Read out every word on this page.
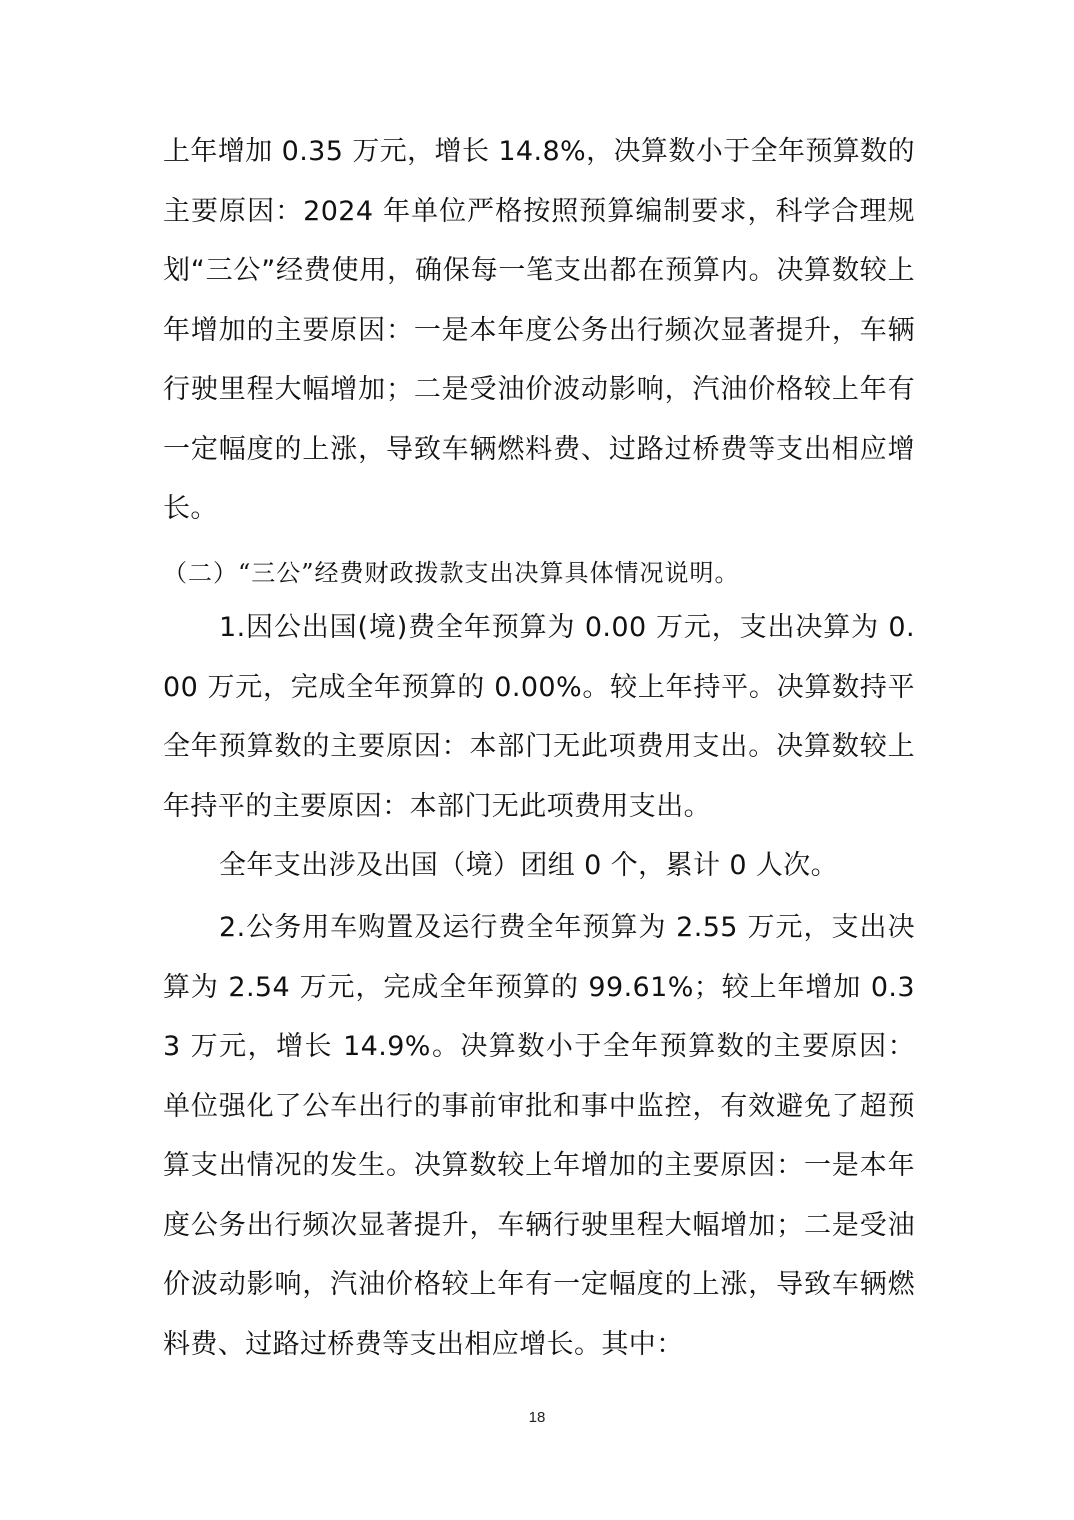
上年增加 0.35 万元，增长 14.8%，决算数小于全年预算数的主要原因：2024 年单位严格按照预算编制要求，科学合理规划“三公”经费使用，确保每一笔支出都在预算内。决算数较上年增加的主要原因：一是本年度公务出行频次显著提升，车辆行驶里程大幅增加；二是受油价波动影响，汽油价格较上年有一定幅度的上涨，导致车辆燃料费、过路过桥费等支出相应增长。

（二）“三公”经费财政拨款支出决算具体情况说明。

1.因公出国(境)费全年预算为 0.00 万元，支出决算为 0.00 万元，完成全年预算的 0.00%。较上年持平。决算数持平全年预算数的主要原因：本部门无此项费用支出。决算数较上年持平的主要原因：本部门无此项费用支出。

全年支出涉及出国（境）团组 0 个，累计 0 人次。

2.公务用车购置及运行费全年预算为 2.55 万元，支出决算为 2.54 万元，完成全年预算的 99.61%；较上年增加 0.33 万元，增长 14.9%。决算数小于全年预算数的主要原因：单位强化了公车出行的事前审批和事中监控，有效避免了超预算支出情况的发生。决算数较上年增加的主要原因：一是本年度公务出行频次显著提升，车辆行驶里程大幅增加；二是受油价波动影响，汽油价格较上年有一定幅度的上涨，导致车辆燃料费、过路过桥费等支出相应增长。其中：

18
